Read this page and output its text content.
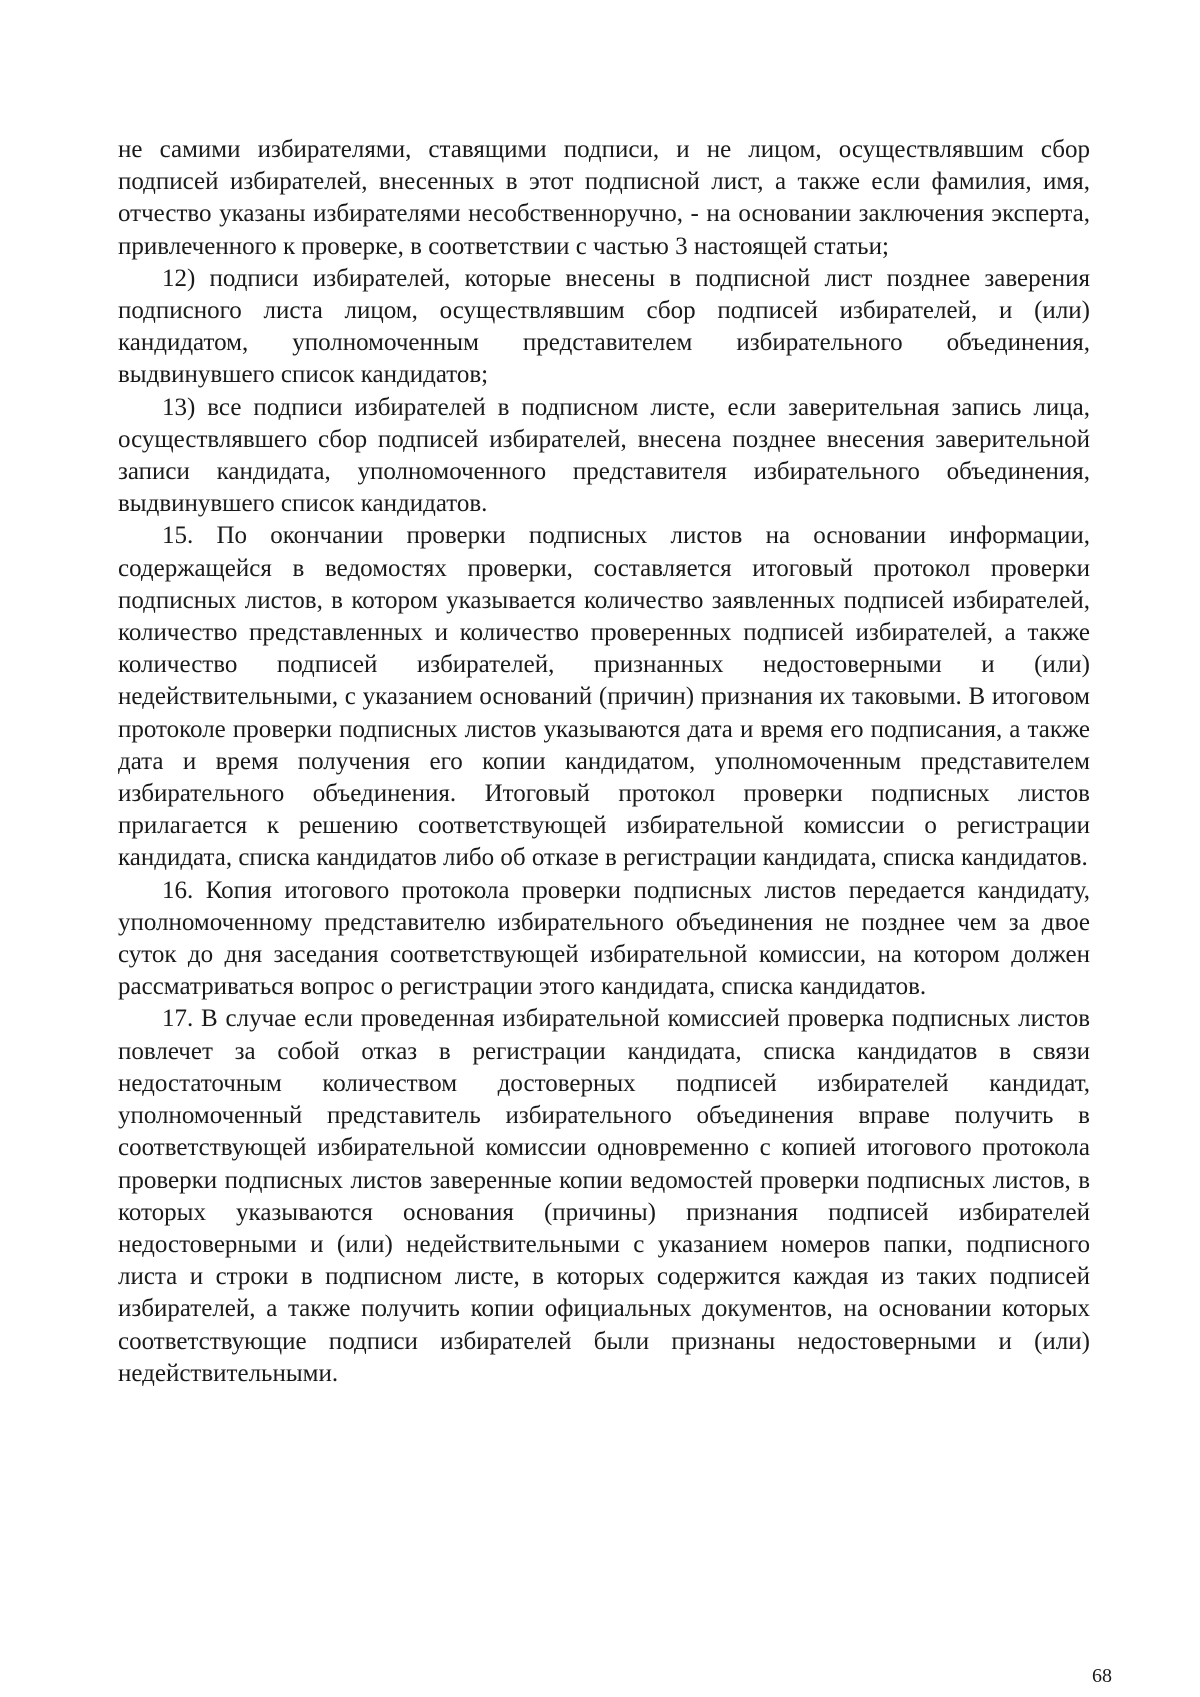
не самими избирателями, ставящими подписи, и не лицом, осуществлявшим сбор подписей избирателей, внесенных в этот подписной лист, а также если фамилия, имя, отчество указаны избирателями несобственноручно, - на основании заключения эксперта, привлеченного к проверке, в соответствии с частью 3 настоящей статьи;

12) подписи избирателей, которые внесены в подписной лист позднее заверения подписного листа лицом, осуществлявшим сбор подписей избирателей, и (или) кандидатом, уполномоченным представителем избирательного объединения, выдвинувшего список кандидатов;

13) все подписи избирателей в подписном листе, если заверительная запись лица, осуществлявшего сбор подписей избирателей, внесена позднее внесения заверительной записи кандидата, уполномоченного представителя избирательного объединения, выдвинувшего список кандидатов.

15. По окончании проверки подписных листов на основании информации, содержащейся в ведомостях проверки, составляется итоговый протокол проверки подписных листов, в котором указывается количество заявленных подписей избирателей, количество представленных и количество проверенных подписей избирателей, а также количество подписей избирателей, признанных недостоверными и (или) недействительными, с указанием оснований (причин) признания их таковыми. В итоговом протоколе проверки подписных листов указываются дата и время его подписания, а также дата и время получения его копии кандидатом, уполномоченным представителем избирательного объединения. Итоговый протокол проверки подписных листов прилагается к решению соответствующей избирательной комиссии о регистрации кандидата, списка кандидатов либо об отказе в регистрации кандидата, списка кандидатов.

16. Копия итогового протокола проверки подписных листов передается кандидату, уполномоченному представителю избирательного объединения не позднее чем за двое суток до дня заседания соответствующей избирательной комиссии, на котором должен рассматриваться вопрос о регистрации этого кандидата, списка кандидатов.

17. В случае если проведенная избирательной комиссией проверка подписных листов повлечет за собой отказ в регистрации кандидата, списка кандидатов в связи недостаточным количеством достоверных подписей избирателей кандидат, уполномоченный представитель избирательного объединения вправе получить в соответствующей избирательной комиссии одновременно с копией итогового протокола проверки подписных листов заверенные копии ведомостей проверки подписных листов, в которых указываются основания (причины) признания подписей избирателей недостоверными и (или) недействительными с указанием номеров папки, подписного листа и строки в подписном листе, в которых содержится каждая из таких подписей избирателей, а также получить копии официальных документов, на основании которых соответствующие подписи избирателей были признаны недостоверными и (или) недействительными.

68
